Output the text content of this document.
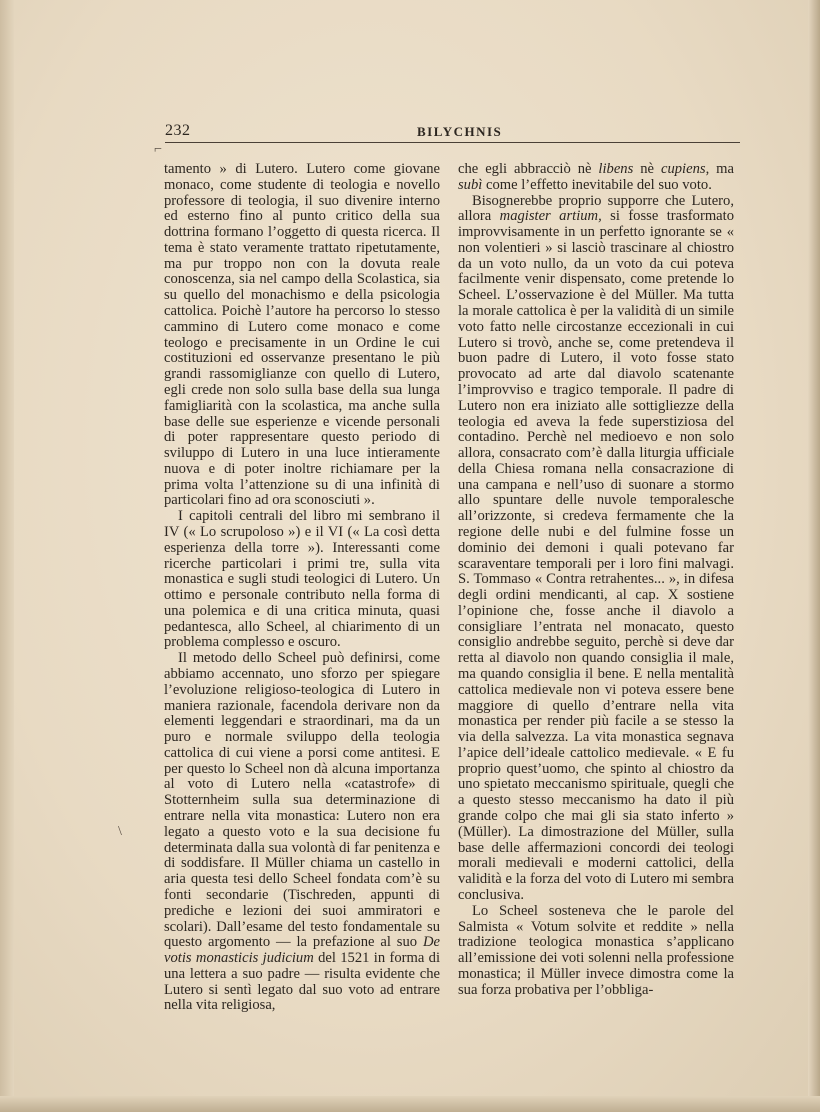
232	BILYCHNIS

tamento » di Lutero. Lutero come giovane monaco, come studente di teologia e novello professore di teologia, il suo divenire interno ed esterno fino al punto critico della sua dottrina formano l’oggetto di questa ricerca. Il tema è stato veramente trattato ripetutamente, ma pur troppo non con la dovuta reale conoscenza, sia nel campo della Scolastica, sia su quello del monachismo e della psicologia cattolica. Poichè l’autore ha percorso lo stesso cammino di Lutero come monaco e come teologo e precisamente in un Ordine le cui costituzioni ed osservanze presentano le più grandi rassomiglianze con quello di Lutero, egli crede non solo sulla base della sua lunga famigliarità con la scolastica, ma anche sulla base delle sue esperienze e vicende personali di poter rappresentare questo periodo di sviluppo di Lutero in una luce intieramente nuova e di poter inoltre richiamare per la prima volta l’attenzione su di una infinità di particolari fino ad ora sconosciuti ».

I capitoli centrali del libro mi sembrano il IV (« Lo scrupoloso ») e il VI (« La così detta esperienza della torre »). Interessanti come ricerche particolari i primi tre, sulla vita monastica e sugli studi teologici di Lutero. Un ottimo e personale contributo nella forma di una polemica e di una critica minuta, quasi pedantesca, allo Scheel, al chiarimento di un problema complesso e oscuro.

Il metodo dello Scheel può definirsi, come abbiamo accennato, uno sforzo per spiegare l’evoluzione religioso-teologica di Lutero in maniera razionale, facendola derivare non da elementi leggendari e straordinari, ma da un puro e normale sviluppo della teologia cattolica di cui viene a porsi come antitesi. E per questo lo Scheel non dà alcuna importanza al voto di Lutero nella «catastrofe» di Stotternheim sulla sua determinazione di entrare nella vita monastica: Lutero non era legato a questo voto e la sua decisione fu determinata dalla sua volontà di far penitenza e di soddisfare. Il Müller chiama un castello in aria questa tesi dello Scheel fondata com’è su fonti secondarie (Tischreden, appunti di prediche e lezioni dei suoi ammiratori e scolari). Dall’esame del testo fondamentale su questo argomento — la prefazione al suo De votis monasticis judicium del 1521 in forma di una lettera a suo padre — risulta evidente che Lutero si sentì legato dal suo voto ad entrare nella vita religiosa,

che egli abbracciò nè libens nè cupiens, ma subì come l’effetto inevitabile del suo voto.

Bisognerebbe proprio supporre che Lutero, allora magister artium, si fosse trasformato improvvisamente in un perfetto ignorante se « non volentieri » si lasciò trascinare al chiostro da un voto nullo, da un voto da cui poteva facilmente venir dispensato, come pretende lo Scheel. L’osservazione è del Müller. Ma tutta la morale cattolica è per la validità di un simile voto fatto nelle circostanze eccezionali in cui Lutero si trovò, anche se, come pretendeva il buon padre di Lutero, il voto fosse stato provocato ad arte dal diavolo scatenante l’improvviso e tragico temporale. Il padre di Lutero non era iniziato alle sottigliezze della teologia ed aveva la fede superstiziosa del contadino. Perchè nel medioevo e non solo allora, consacrato com’è dalla liturgia ufficiale della Chiesa romana nella consacrazione di una campana e nell’uso di suonare a stormo allo spuntare delle nuvole temporalesche all’orizzonte, si credeva fermamente che la regione delle nubi e del fulmine fosse un dominio dei demoni i quali potevano far scaraventare temporali per i loro fini malvagi. S. Tommaso « Contra retrahentes... », in difesa degli ordini mendicanti, al cap. X sostiene l’opinione che, fosse anche il diavolo a consigliare l’entrata nel monacato, questo consiglio andrebbe seguito, perchè si deve dar retta al diavolo non quando consiglia il male, ma quando consiglia il bene. E nella mentalità cattolica medievale non vi poteva essere bene maggiore di quello d’entrare nella vita monastica per render più facile a se stesso la via della salvezza. La vita monastica segnava l’apice dell’ideale cattolico medievale. « E fu proprio quest’uomo, che spinto al chiostro da uno spietato meccanismo spirituale, quegli che a questo stesso meccanismo ha dato il più grande colpo che mai gli sia stato inferto » (Müller). La dimostrazione del Müller, sulla base delle affermazioni concordi dei teologi morali medievali e moderni cattolici, della validità e la forza del voto di Lutero mi sembra conclusiva.

Lo Scheel sosteneva che le parole del Salmista « Votum solvite et reddite » nella tradizione teologica monastica s’applicano all’emissione dei voti solenni nella professione monastica; il Müller invece dimostra come la sua forza probativa per l’obbliga-

⌐
\
